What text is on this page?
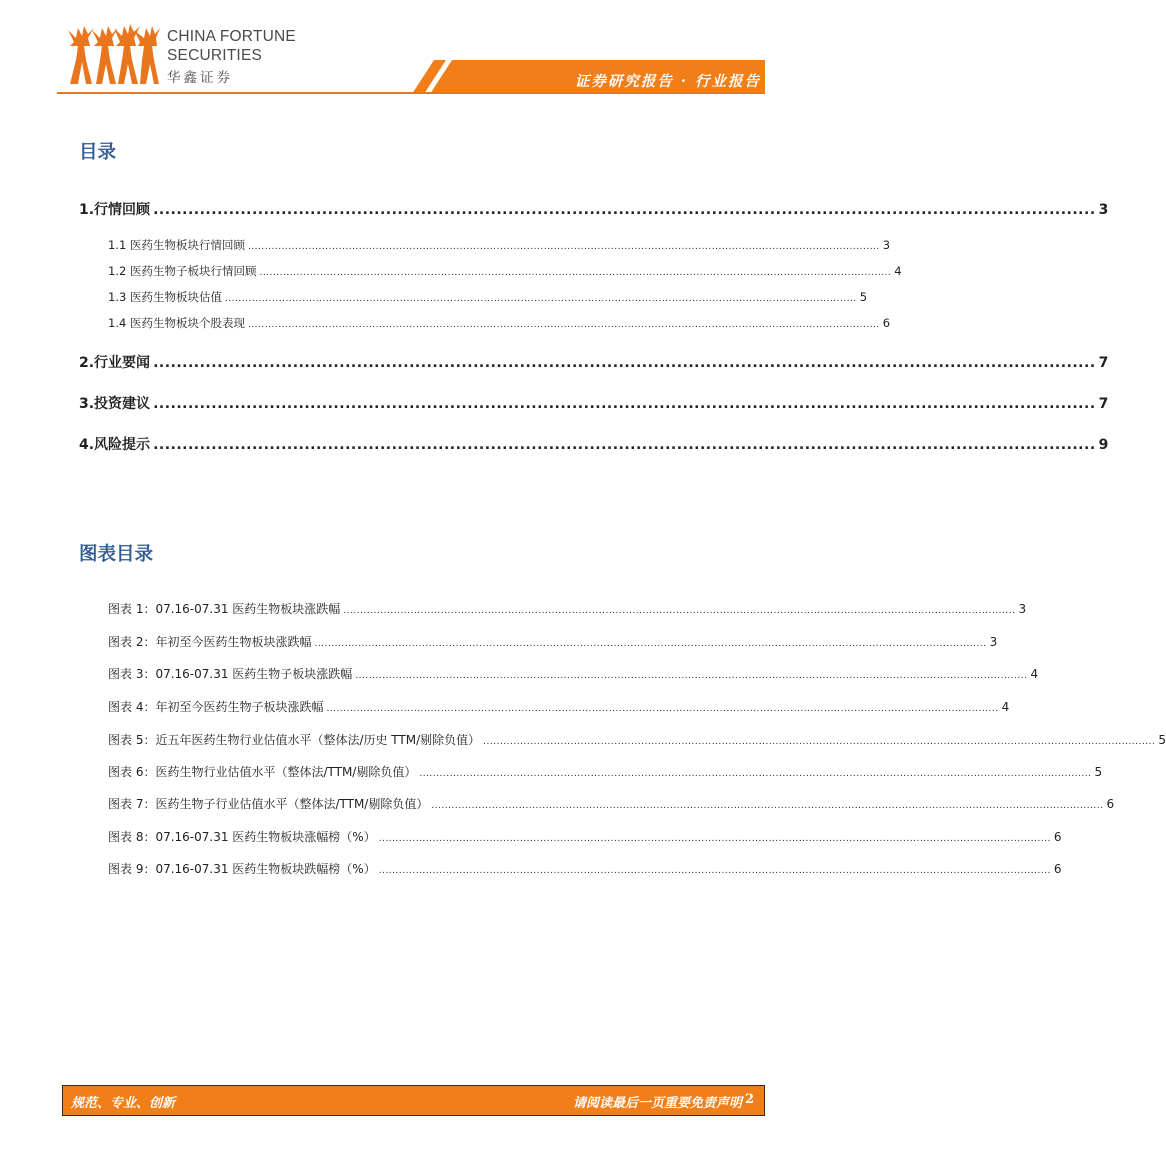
CHINA FORTUNE
SECURITIES
华鑫证券	证券研究报告 · 行业报告
目录
1.行情回顾 .................................................................................................................................................................. 3
1.1 医药生物板块行情回顾 ............................................................................................................................................................................................ 3
1.2 医药生物子板块行情回顾 ............................................................................................................................................................................................ 4
1.3 医药生物板块估值 ............................................................................................................................................................................................ 5
1.4 医药生物板块个股表现 ............................................................................................................................................................................................ 6
2.行业要闻 .................................................................................................................................................................. 7
3.投资建议 .................................................................................................................................................................. 7
4.风险提示 .................................................................................................................................................................. 9
图表目录
图表 1：07.16-07.31 医药生物板块涨跌幅 ........................................................................................................................................................................................................ 3
图表 2：年初至今医药生物板块涨跌幅 ........................................................................................................................................................................................................ 3
图表 3：07.16-07.31 医药生物子板块涨跌幅 ........................................................................................................................................................................................................ 4
图表 4：年初至今医药生物子板块涨跌幅 ........................................................................................................................................................................................................ 4
图表 5：近五年医药生物行业估值水平（整体法/历史 TTM/剔除负值） ........................................................................................................................................................................................................ 5
图表 6：医药生物行业估值水平（整体法/TTM/剔除负值） ........................................................................................................................................................................................................ 5
图表 7：医药生物子行业估值水平（整体法/TTM/剔除负值） ........................................................................................................................................................................................................ 6
图表 8：07.16-07.31 医药生物板块涨幅榜（%） ........................................................................................................................................................................................................ 6
图表 9：07.16-07.31 医药生物板块跌幅榜（%） ........................................................................................................................................................................................................ 6
规范、专业、创新	请阅读最后一页重要免责声明 2
